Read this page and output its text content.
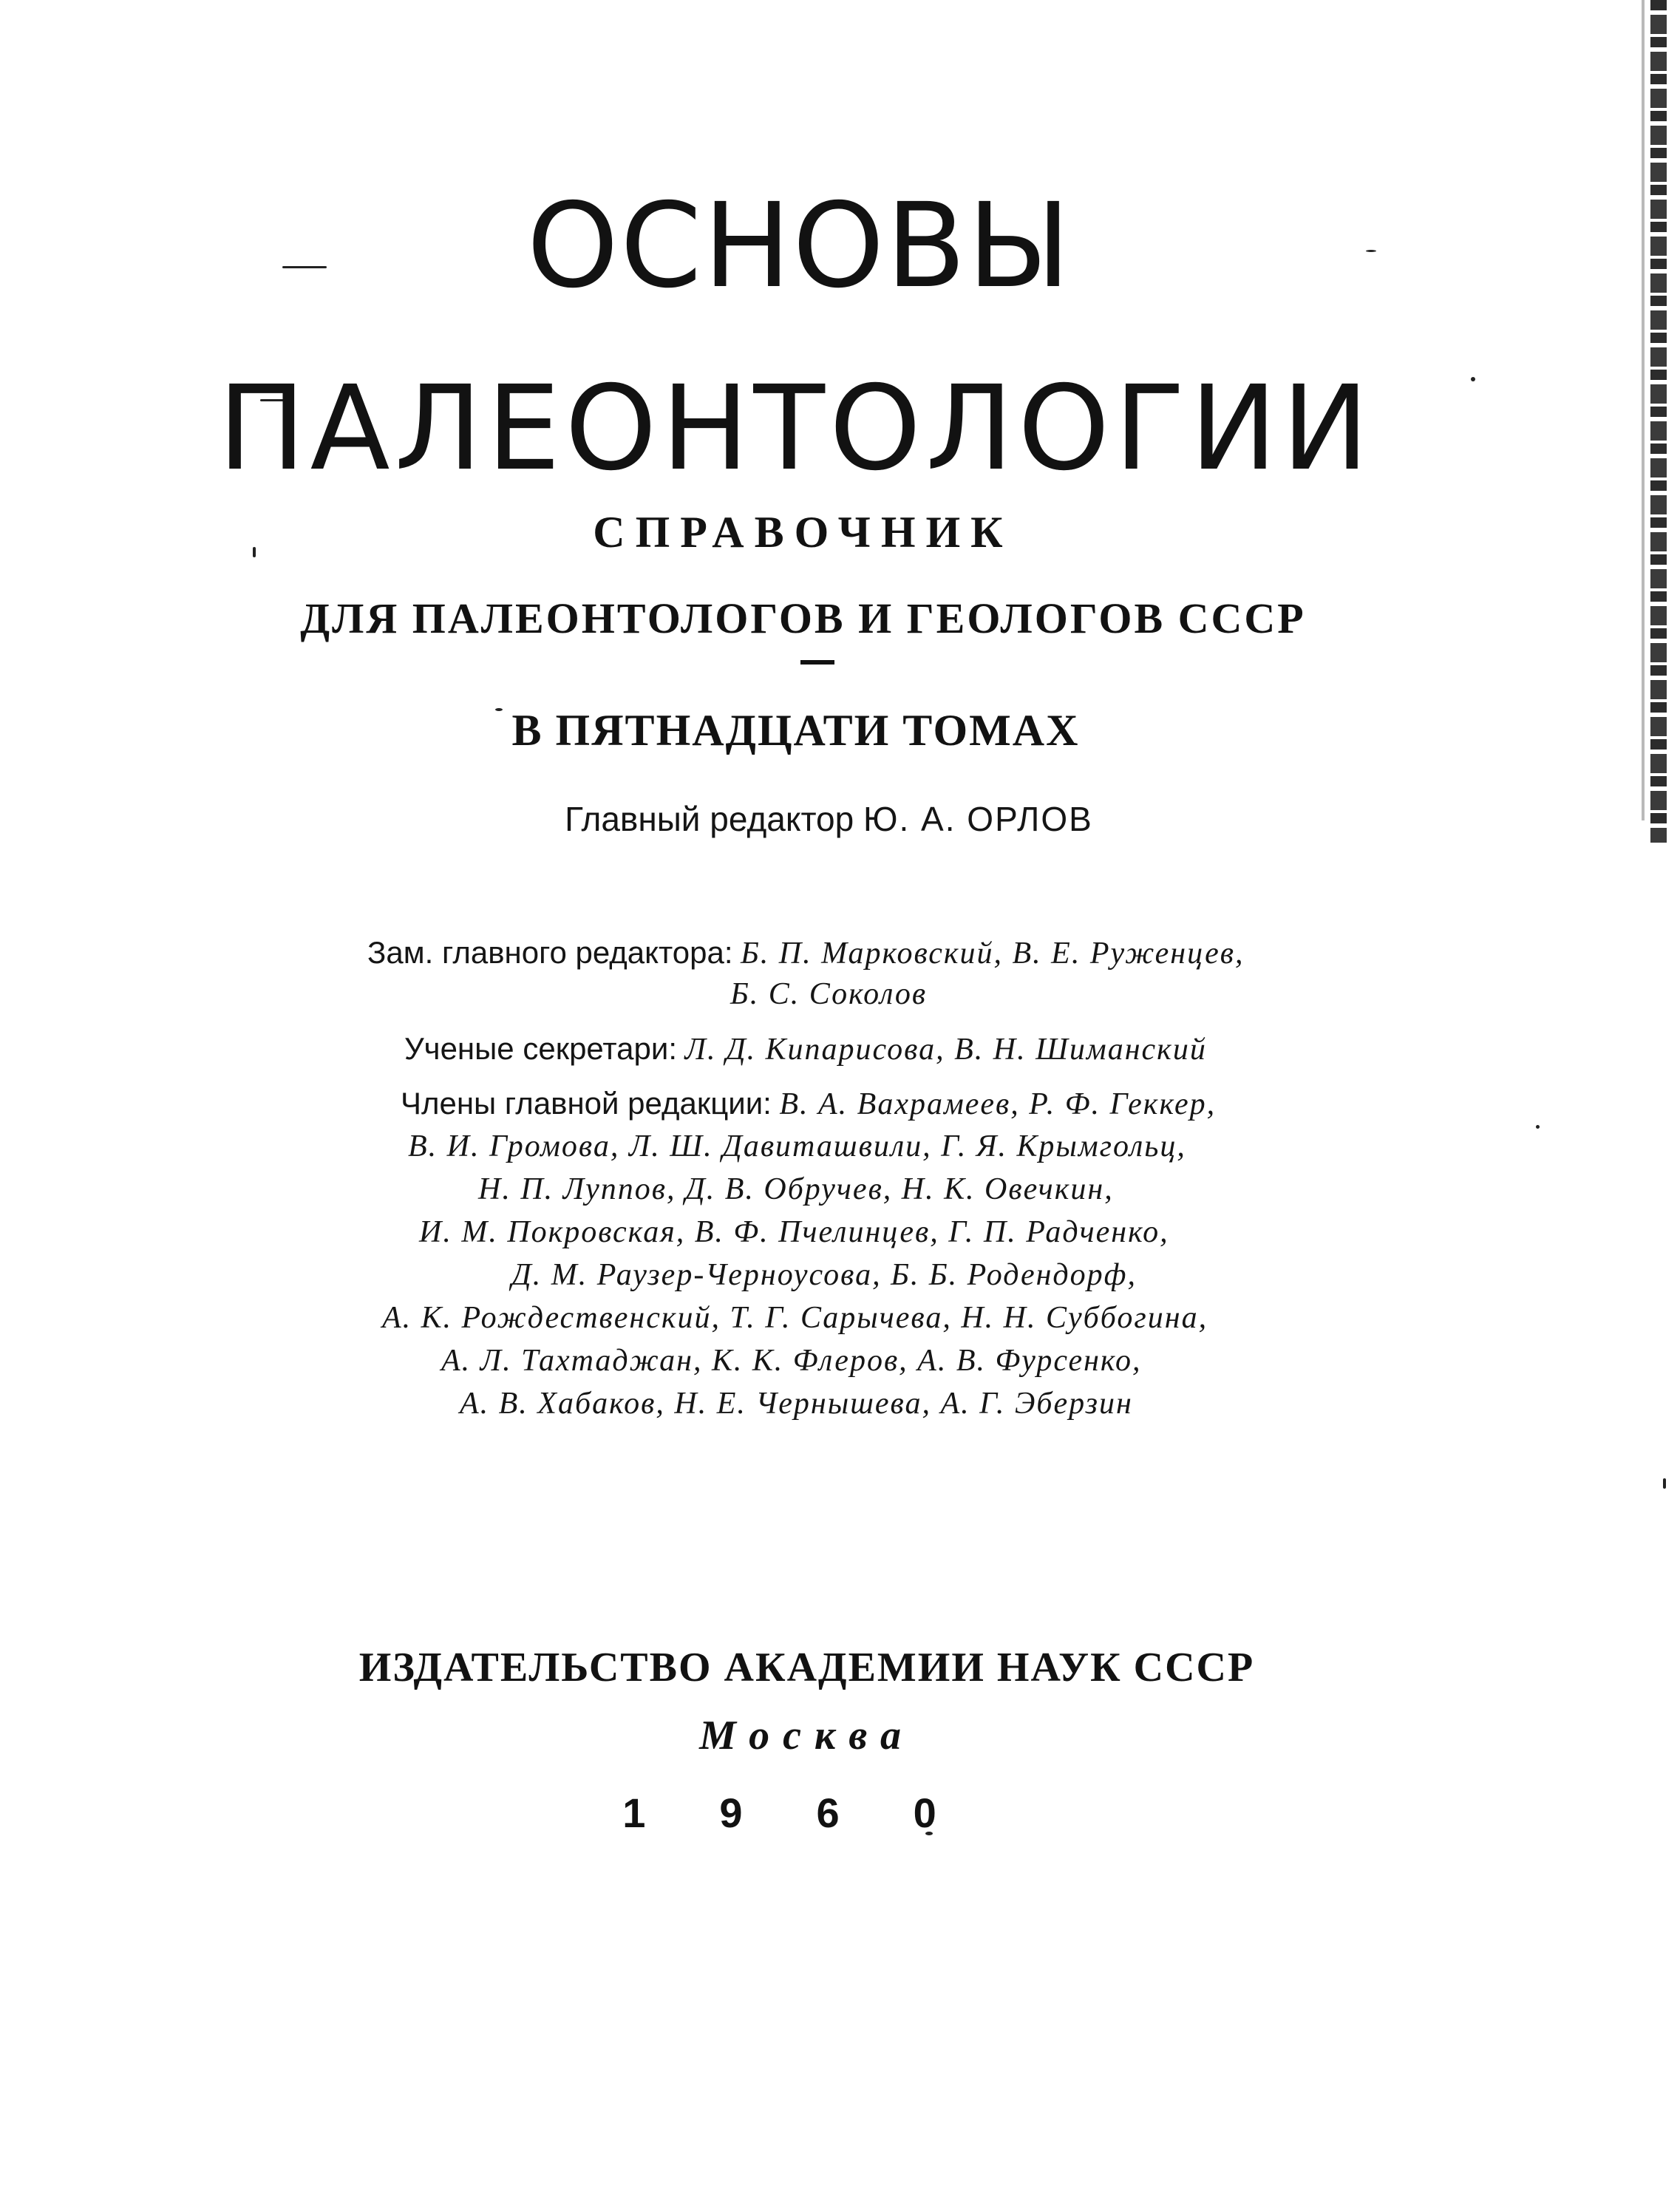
ОСНОВЫ
ПАЛЕОНТОЛОГИИ
СПРАВОЧНИК
ДЛЯ ПАЛЕОНТОЛОГОВ И ГЕОЛОГОВ СССР
В ПЯТНАДЦАТИ ТОМАХ
Главный редактор Ю. А. ОРЛОВ
Зам. главного редактора: Б. П. Марковский, В. Е. Руженцев,
Б. С. Соколов
Ученые секретари: Л. Д. Кипарисова, В. Н. Шиманский
Члены главной редакции: В. А. Вахрамеев, Р. Ф. Геккер,
В. И. Громова, Л. Ш. Давиташвили, Г. Я. Крымгольц,
Н. П. Луппов, Д. В. Обручев, Н. К. Овечкин,
И. М. Покровская, В. Ф. Пчелинцев, Г. П. Радченко,
Д. М. Раузер-Черноусова, Б. Б. Родендорф,
А. К. Рождественский, Т. Г. Сарычева, Н. Н. Суббогина,
А. Л. Тахтаджан, К. К. Флеров, А. В. Фурсенко,
А. В. Хабаков, Н. Е. Чернышева, А. Г. Эберзин
ИЗДАТЕЛЬСТВО АКАДЕМИИ НАУК СССР
Москва
1960
